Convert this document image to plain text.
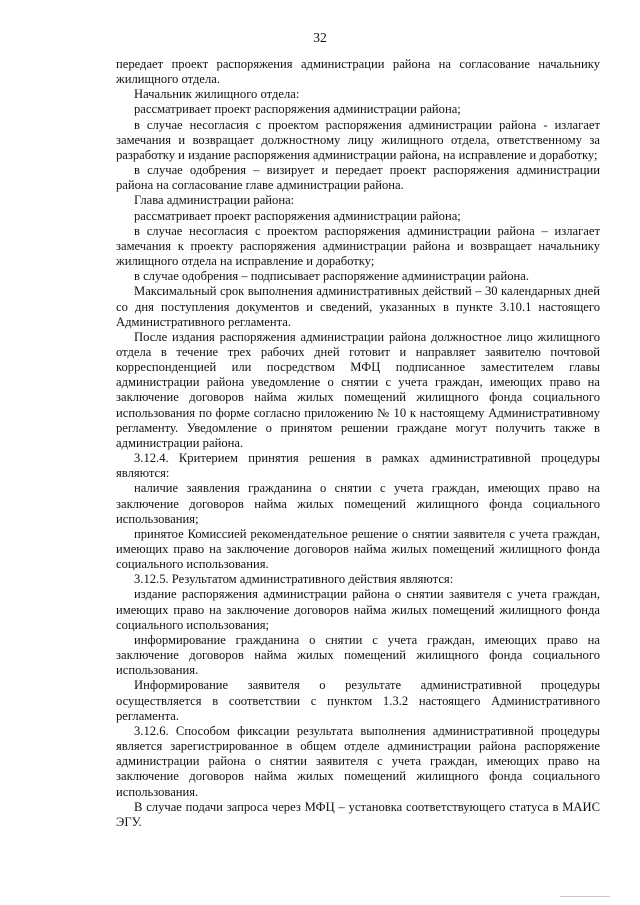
32

передает проект распоряжения администрации района на согласование начальнику жилищного отдела.

Начальник жилищного отдела:

рассматривает проект распоряжения администрации района;

в случае несогласия с проектом распоряжения администрации района - излагает замечания и возвращает должностному лицу жилищного отдела, ответственному за разработку и издание распоряжения администрации района, на исправление и доработку;

в случае одобрения – визирует и передает проект распоряжения администрации района на согласование главе администрации района.

Глава администрации района:

рассматривает проект распоряжения администрации района;

в случае несогласия с проектом распоряжения администрации района – излагает замечания к проекту распоряжения администрации района и возвращает начальнику жилищного отдела на исправление и доработку;

в случае одобрения – подписывает распоряжение администрации района.

Максимальный срок выполнения административных действий – 30 календарных дней со дня поступления документов и сведений, указанных в пункте 3.10.1 настоящего Административного регламента.

После издания распоряжения администрации района должностное лицо жилищного отдела в течение трех рабочих дней готовит и направляет заявителю почтовой корреспонденцией или посредством МФЦ подписанное заместителем главы администрации района уведомление о снятии с учета граждан, имеющих право на заключение договоров найма жилых помещений жилищного фонда социального использования по форме согласно приложению № 10 к настоящему Административному регламенту. Уведомление о принятом решении граждане могут получить также в администрации района.

3.12.4. Критерием принятия решения в рамках административной процедуры являются:

наличие заявления гражданина о снятии с учета граждан, имеющих право на заключение договоров найма жилых помещений жилищного фонда социального использования;

принятое Комиссией рекомендательное решение о снятии заявителя с учета граждан, имеющих право на заключение договоров найма жилых помещений жилищного фонда социального использования.

3.12.5. Результатом административного действия являются:

издание распоряжения администрации района о снятии заявителя с учета граждан, имеющих право на заключение договоров найма жилых помещений жилищного фонда социального использования;

информирование гражданина о снятии с учета граждан, имеющих право на заключение договоров найма жилых помещений жилищного фонда социального использования.

Информирование заявителя о результате административной процедуры осуществляется в соответствии с пунктом 1.3.2 настоящего Административного регламента.

3.12.6. Способом фиксации результата выполнения административной процедуры является зарегистрированное в общем отделе администрации района распоряжение администрации района о снятии заявителя с учета граждан, имеющих право на заключение договоров найма жилых помещений жилищного фонда социального использования.

В случае подачи запроса через МФЦ – установка соответствующего статуса в МАИС ЭГУ.
